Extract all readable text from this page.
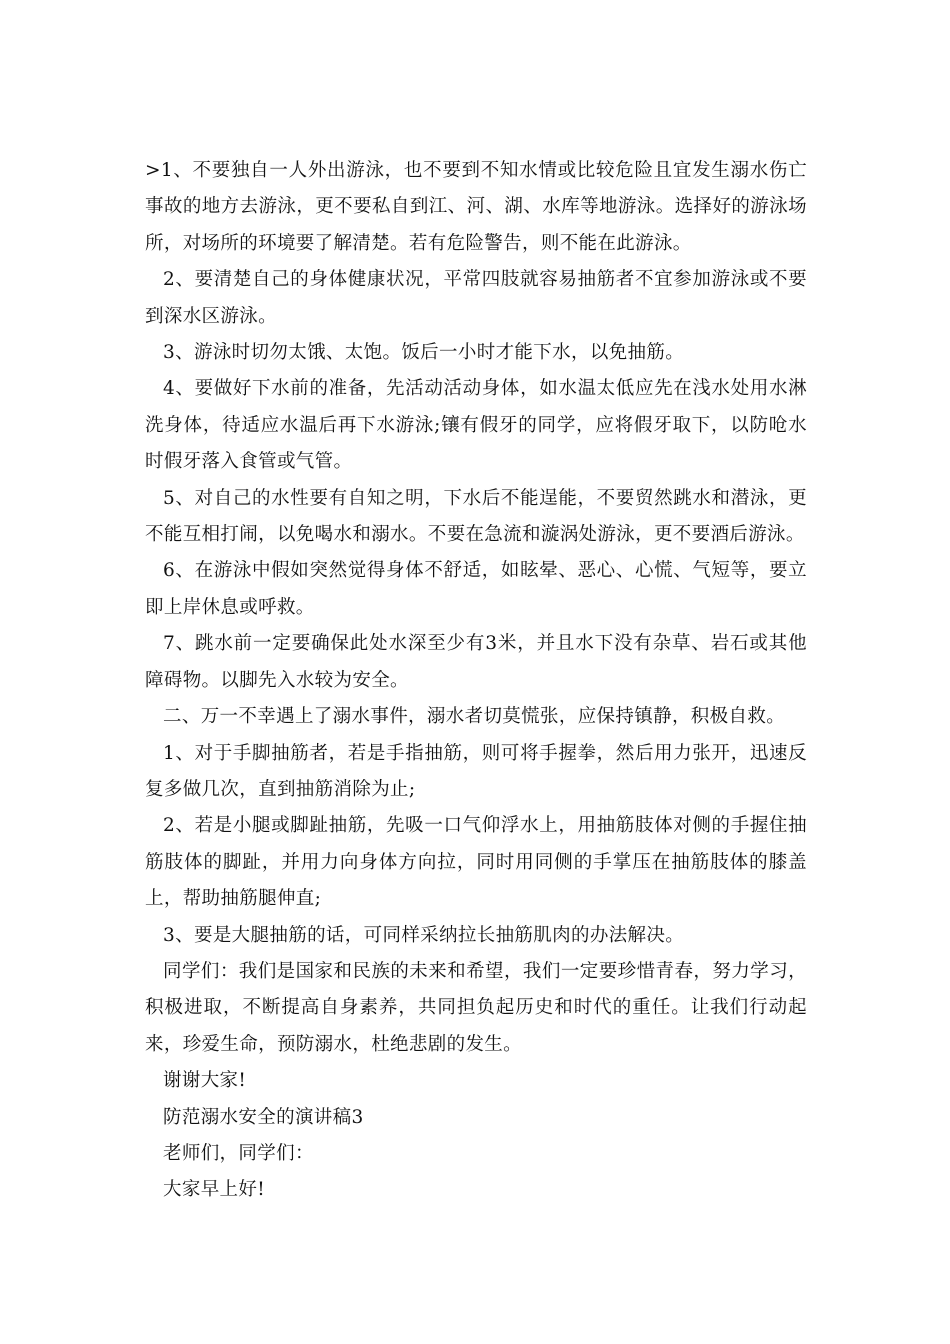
>1、不要独自一人外出游泳，也不要到不知水情或比较危险且宜发生溺水伤亡事故的地方去游泳，更不要私自到江、河、湖、水库等地游泳。选择好的游泳场所，对场所的环境要了解清楚。若有危险警告，则不能在此游泳。

2、要清楚自己的身体健康状况，平常四肢就容易抽筋者不宜参加游泳或不要到深水区游泳。

3、游泳时切勿太饿、太饱。饭后一小时才能下水，以免抽筋。

4、要做好下水前的准备，先活动活动身体，如水温太低应先在浅水处用水淋洗身体，待适应水温后再下水游泳;镶有假牙的同学，应将假牙取下，以防呛水时假牙落入食管或气管。

5、对自己的水性要有自知之明，下水后不能逞能，不要贸然跳水和潜泳，更不能互相打闹，以免喝水和溺水。不要在急流和漩涡处游泳，更不要酒后游泳。

6、在游泳中假如突然觉得身体不舒适，如眩晕、恶心、心慌、气短等，要立即上岸休息或呼救。

7、跳水前一定要确保此处水深至少有3米，并且水下没有杂草、岩石或其他障碍物。以脚先入水较为安全。

二、万一不幸遇上了溺水事件，溺水者切莫慌张，应保持镇静，积极自救。

1、对于手脚抽筋者，若是手指抽筋，则可将手握拳，然后用力张开，迅速反复多做几次，直到抽筋消除为止;

2、若是小腿或脚趾抽筋，先吸一口气仰浮水上，用抽筋肢体对侧的手握住抽筋肢体的脚趾，并用力向身体方向拉，同时用同侧的手掌压在抽筋肢体的膝盖上，帮助抽筋腿伸直;

3、要是大腿抽筋的话，可同样采纳拉长抽筋肌肉的办法解决。

同学们：我们是国家和民族的未来和希望，我们一定要珍惜青春，努力学习，积极进取，不断提高自身素养，共同担负起历史和时代的重任。让我们行动起来，珍爱生命，预防溺水，杜绝悲剧的发生。

谢谢大家!

防范溺水安全的演讲稿3

老师们，同学们：

大家早上好!
